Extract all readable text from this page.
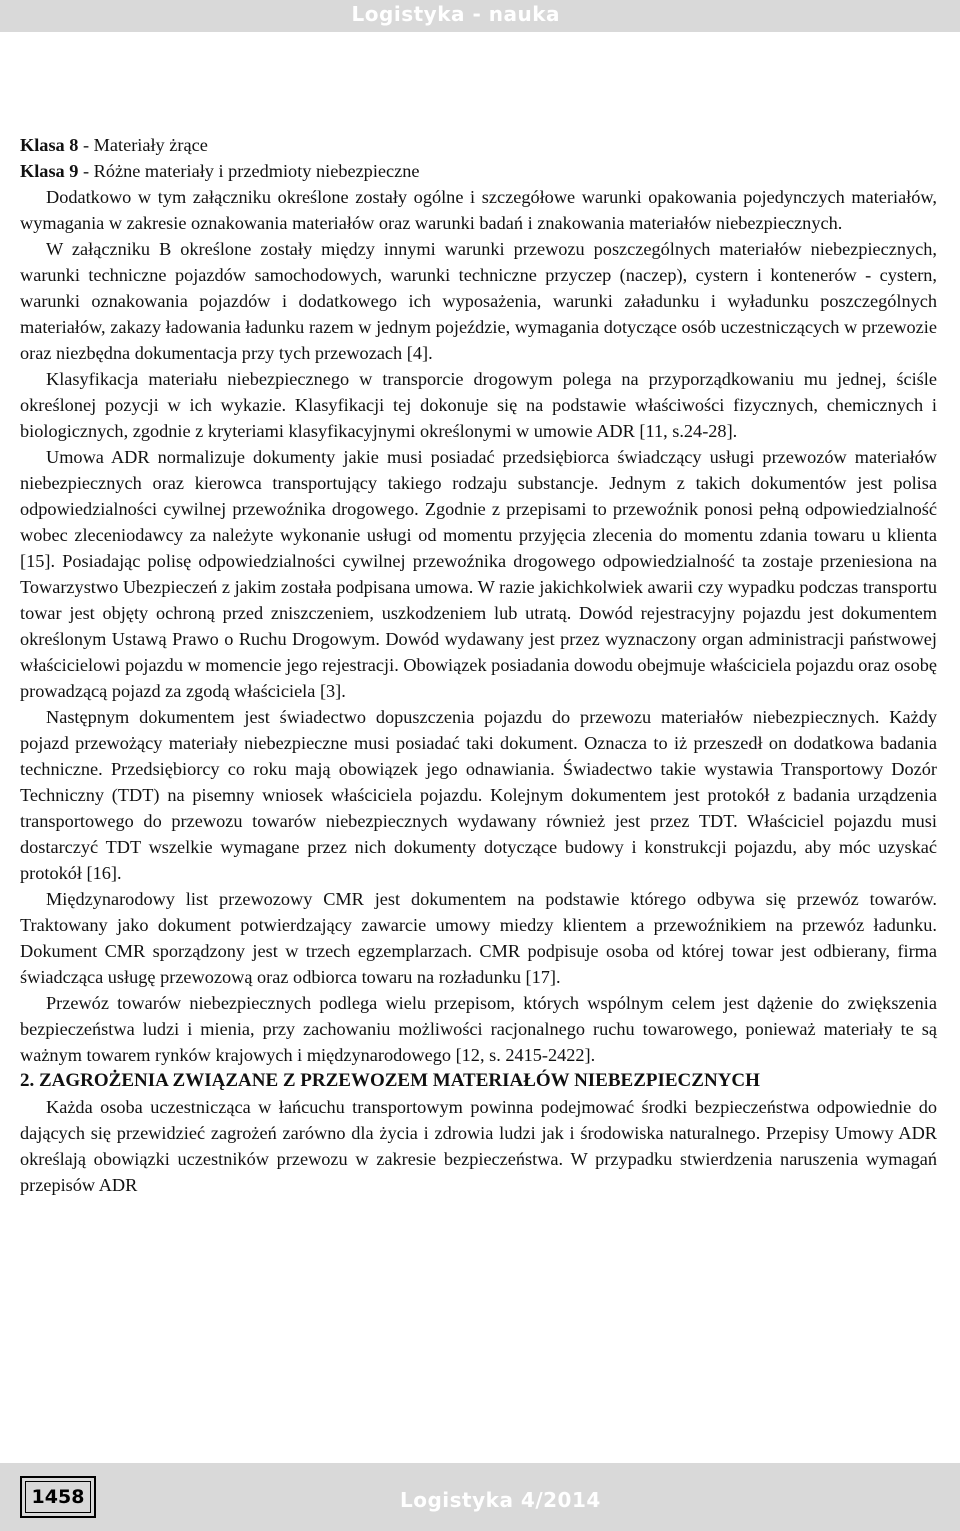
Logistyka - nauka

Klasa 8 - Materiały żrące

Klasa 9 - Różne materiały i przedmioty niebezpieczne

Dodatkowo w tym załączniku określone zostały ogólne i szczegółowe warunki opakowania pojedynczych materiałów, wymagania w zakresie oznakowania materiałów oraz warunki badań i znakowania materiałów niebezpiecznych.

W załączniku B określone zostały między innymi warunki przewozu poszczególnych materiałów niebezpiecznych, warunki techniczne pojazdów samochodowych, warunki techniczne przyczep (naczep), cystern i kontenerów - cystern, warunki oznakowania pojazdów i dodatkowego ich wyposażenia, warunki załadunku i wyładunku poszczególnych materiałów, zakazy ładowania ładunku razem w jednym pojeździe, wymagania dotyczące osób uczestniczących w przewozie oraz niezbędna dokumentacja przy tych przewozach [4].

Klasyfikacja materiału niebezpiecznego w transporcie drogowym polega na przyporządkowaniu mu jednej, ściśle określonej pozycji w ich wykazie. Klasyfikacji tej dokonuje się na podstawie właściwości fizycznych, chemicznych i biologicznych, zgodnie z kryteriami klasyfikacyjnymi określonymi w umowie ADR [11, s.24-28].

Umowa ADR normalizuje dokumenty jakie musi posiadać przedsiębiorca świadczący usługi przewozów materiałów niebezpiecznych oraz kierowca transportujący takiego rodzaju substancje. Jednym z takich dokumentów jest polisa odpowiedzialności cywilnej przewoźnika drogowego. Zgodnie z przepisami to przewoźnik ponosi pełną odpowiedzialność wobec zleceniodawcy za należyte wykonanie usługi od momentu przyjęcia zlecenia do momentu zdania towaru u klienta [15]. Posiadając polisę odpowiedzialności cywilnej przewoźnika drogowego odpowiedzialność ta zostaje przeniesiona na Towarzystwo Ubezpieczeń z jakim została podpisana umowa. W razie jakichkolwiek awarii czy wypadku podczas transportu towar jest objęty ochroną przed zniszczeniem, uszkodzeniem lub utratą. Dowód rejestracyjny pojazdu jest dokumentem określonym Ustawą Prawo o Ruchu Drogowym. Dowód wydawany jest przez wyznaczony organ administracji państwowej właścicielowi pojazdu w momencie jego rejestracji. Obowiązek posiadania dowodu obejmuje właściciela pojazdu oraz osobę prowadzącą pojazd za zgodą właściciela [3].

Następnym dokumentem jest świadectwo dopuszczenia pojazdu do przewozu materiałów niebezpiecznych. Każdy pojazd przewożący materiały niebezpieczne musi posiadać taki dokument. Oznacza to iż przeszedł on dodatkowa badania techniczne. Przedsiębiorcy co roku mają obowiązek jego odnawiania. Świadectwo takie wystawia Transportowy Dozór Techniczny (TDT) na pisemny wniosek właściciela pojazdu. Kolejnym dokumentem jest protokół z badania urządzenia transportowego do przewozu towarów niebezpiecznych wydawany również jest przez TDT. Właściciel pojazdu musi dostarczyć TDT wszelkie wymagane przez nich dokumenty dotyczące budowy i konstrukcji pojazdu, aby móc uzyskać protokół [16].

Międzynarodowy list przewozowy CMR jest dokumentem na podstawie którego odbywa się przewóz towarów. Traktowany jako dokument potwierdzający zawarcie umowy miedzy klientem a przewoźnikiem na przewóz ładunku. Dokument CMR sporządzony jest w trzech egzemplarzach. CMR podpisuje osoba od której towar jest odbierany, firma świadcząca usługę przewozową oraz odbiorca towaru na rozładunku [17].

Przewóz towarów niebezpiecznych podlega wielu przepisom, których wspólnym celem jest dążenie do zwiększenia bezpieczeństwa ludzi i mienia, przy zachowaniu możliwości racjonalnego ruchu towarowego, ponieważ materiały te są ważnym towarem rynków krajowych i międzynarodowego [12, s. 2415-2422].

2. ZAGROŻENIA ZWIĄZANE Z PRZEWOZEM MATERIAŁÓW NIEBEZPIECZNYCH

Każda osoba uczestnicząca w łańcuchu transportowym powinna podejmować środki bezpieczeństwa odpowiednie do dających się przewidzieć zagrożeń zarówno dla życia i zdrowia ludzi jak i środowiska naturalnego. Przepisy Umowy ADR określają obowiązki uczestników przewozu w zakresie bezpieczeństwa. W przypadku stwierdzenia naruszenia wymagań przepisów ADR

1458	Logistyka 4/2014
